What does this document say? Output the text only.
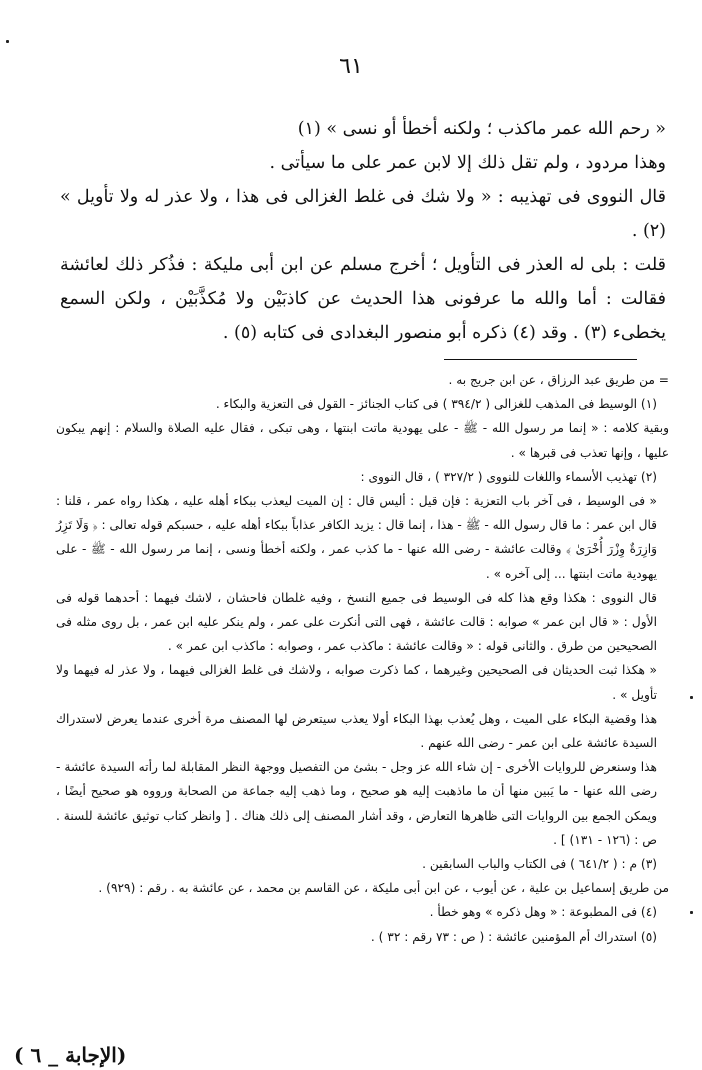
٦١

« رحم الله عمر ماكذب ؛ ولكنه أخطأ أو نسى » (١)

وهذا مردود ، ولم تقل ذلك إلا لابن عمر على ما سيأتى .

قال النووى فى تهذيبه : « ولا شك فى غلط الغزالى فى هذا ، ولا عذر له ولا تأويل » (٢) .

قلت : بلى له العذر فى التأويل ؛ أخرج مسلم عن ابن أبى مليكة : فذُكر ذلك لعائشة فقالت : أما والله ما عرفونى هذا الحديث عن كاذبَيْن ولا مُكذَّبَيْن ، ولكن السمع يخطىء (٣) . وقد (٤) ذكره أبو منصور البغدادى فى كتابه (٥) .

= من طريق عبد الرزاق ، عن ابن جريج به .

(١) الوسيط فى المذهب للغزالى ( ٣٩٤/٢ ) فى كتاب الجنائز - القول فى التعزية والبكاء .

وبقية كلامه : « إنما مر رسول الله - ﷺ - على يهودية ماتت ابنتها ، وهى تبكى ، فقال عليه الصلاة والسلام : إنهم يبكون عليها ، وإنها تعذب فى قبرها » .

(٢) تهذيب الأسماء واللغات للنووى ( ٣٢٧/٢ ) ، قال النووى :

« فى الوسيط ، فى آخر باب التعزية : فإن قيل : أليس قال : إن الميت ليعذب ببكاء أهله عليه ، هكذا رواه عمر ، قلنا : قال ابن عمر : ما قال رسول الله - ﷺ - هذا ، إنما قال : يزيد الكافر عذاباً ببكاء أهله عليه ، حسبكم قوله تعالى : ﴿ وَلَا تَزِرُ وَازِرَةٌ وِزْرَ أُخْرَىٰ ﴾ وقالت عائشة - رضى الله عنها - ما كذب عمر ، ولكنه أخطأ ونسى ، إنما مر رسول الله - ﷺ - على يهودية ماتت ابنتها ... إلى آخره » .

قال النووى : هكذا وقع هذا كله فى الوسيط فى جميع النسخ ، وفيه غلطان فاحشان ، لاشك فيهما : أحدهما قوله فى الأول : « قال ابن عمر » صوابه : قالت عائشة ، فهى التى أنكرت على عمر ، ولم ينكر عليه ابن عمر ، بل روى مثله فى الصحيحين من طرق . والثانى قوله : « وقالت عائشة : ماكذب عمر ، وصوابه : ماكذب ابن عمر » .

« هكذا ثبت الحديثان فى الصحيحين وغيرهما ، كما ذكرت صوابه ، ولاشك فى غلط الغزالى فيهما ، ولا عذر له فيهما ولا تأويل » .

هذا وقضية البكاء على الميت ، وهل يُعذب بهذا البكاء أولا يعذب سيتعرض لها المصنف مرة أخرى عندما يعرض لاستدراك السيدة عائشة على ابن عمر - رضى الله عنهم .

هذا وسنعرض للروايات الأخرى - إن شاء الله عز وجل - بشئ من التفصيل ووجهة النظر المقابلة لما رأته السيدة عائشة - رضى الله عنها - ما يَبين منها أن ما ماذهبت إليه هو صحيح ، وما ذهب إليه جماعة من الصحابة ورووه هو صحيح أيضًا ، ويمكن الجمع بين الروايات التى ظاهرها التعارض ، وقد أشار المصنف إلى ذلك هناك . [ وانظر كتاب توثيق عائشة للسنة . ص : (١٢٦ - ١٣١) ] .

(٣) م : ( ٦٤١/٢ ) فى الكتاب والباب السابقين .

من طريق إسماعيل بن علية ، عن أيوب ، عن ابن أبى مليكة ، عن القاسم بن محمد ، عن عائشة به . رقم : (٩٢٩) .

(٤) فى المطبوعة : « وهل ذكره » وهو خطأ .

(٥) استدراك أم المؤمنين عائشة : ( ص : ٧٣ رقم : ٣٢ ) .

(الإجابة _ ٦ )
